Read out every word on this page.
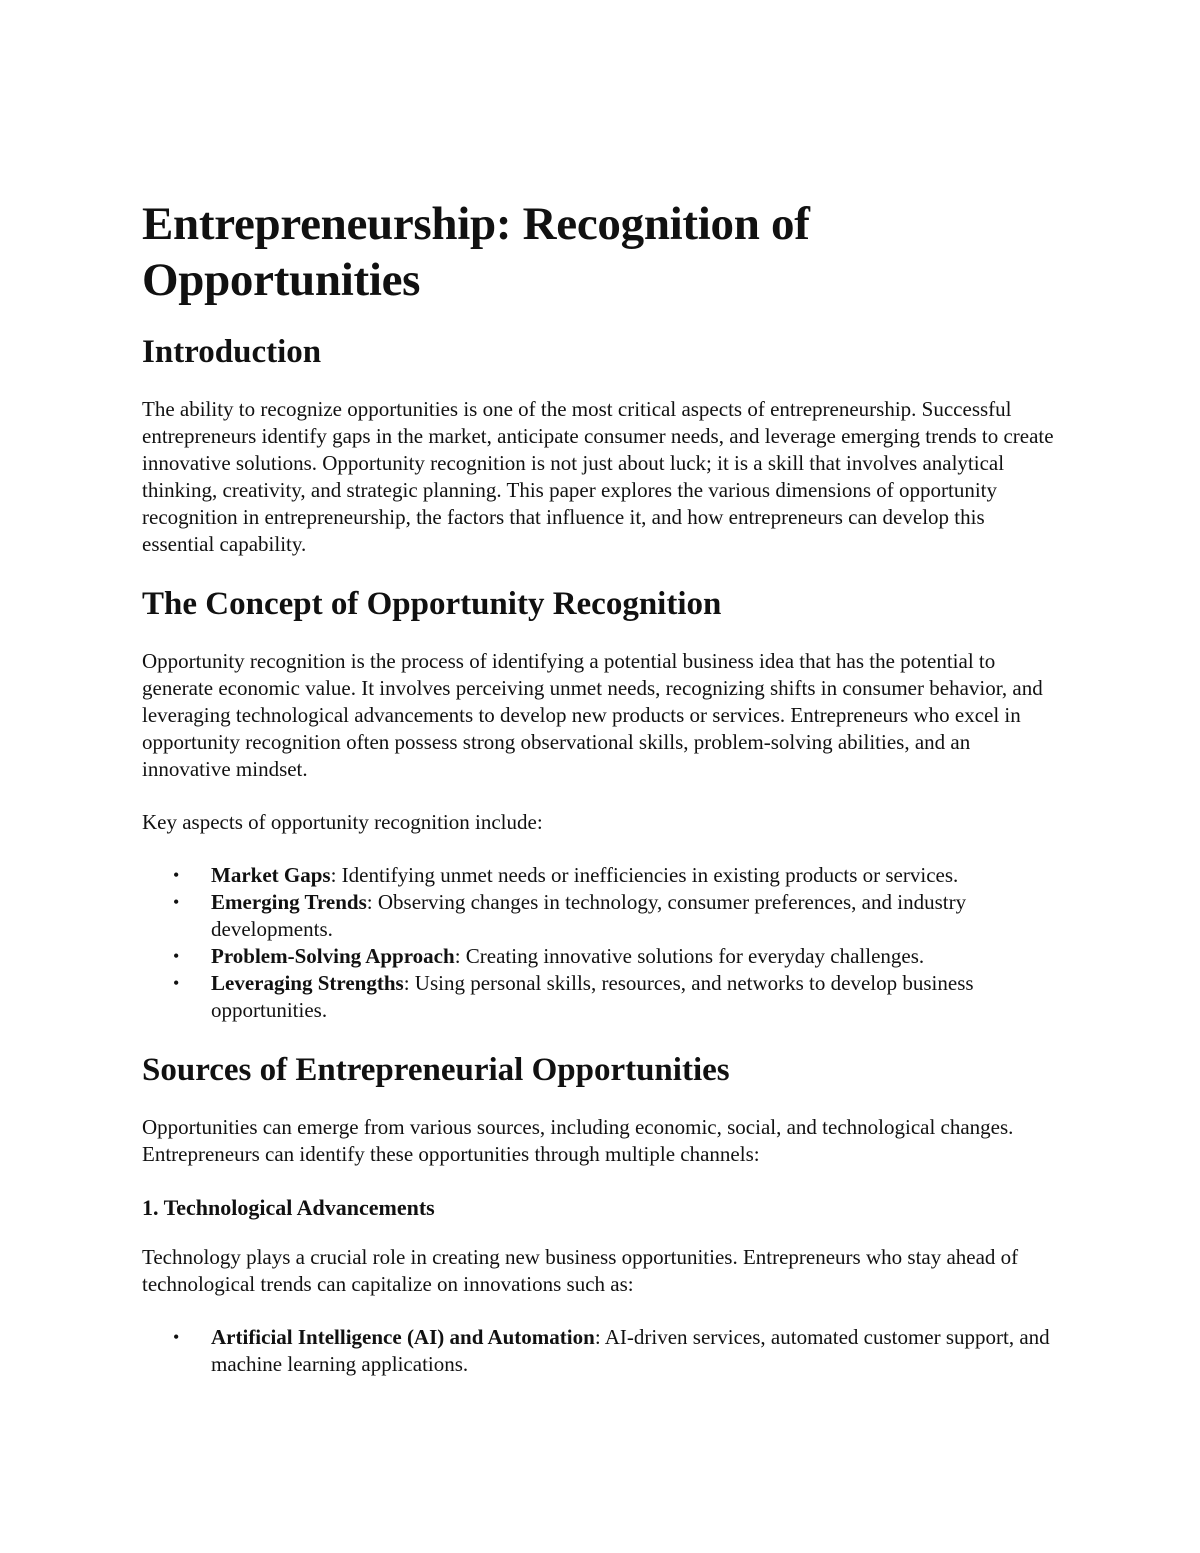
Entrepreneurship: Recognition of Opportunities
Introduction

The ability to recognize opportunities is one of the most critical aspects of entrepreneurship. Successful entrepreneurs identify gaps in the market, anticipate consumer needs, and leverage emerging trends to create innovative solutions. Opportunity recognition is not just about luck; it is a skill that involves analytical thinking, creativity, and strategic planning. This paper explores the various dimensions of opportunity recognition in entrepreneurship, the factors that influence it, and how entrepreneurs can develop this essential capability.

The Concept of Opportunity Recognition

Opportunity recognition is the process of identifying a potential business idea that has the potential to generate economic value. It involves perceiving unmet needs, recognizing shifts in consumer behavior, and leveraging technological advancements to develop new products or services. Entrepreneurs who excel in opportunity recognition often possess strong observational skills, problem-solving abilities, and an innovative mindset.

Key aspects of opportunity recognition include:

• Market Gaps: Identifying unmet needs or inefficiencies in existing products or services.
• Emerging Trends: Observing changes in technology, consumer preferences, and industry developments.
• Problem-Solving Approach: Creating innovative solutions for everyday challenges.
• Leveraging Strengths: Using personal skills, resources, and networks to develop business opportunities.
Sources of Entrepreneurial Opportunities

Opportunities can emerge from various sources, including economic, social, and technological changes. Entrepreneurs can identify these opportunities through multiple channels:

1. Technological Advancements

Technology plays a crucial role in creating new business opportunities. Entrepreneurs who stay ahead of technological trends can capitalize on innovations such as:

• Artificial Intelligence (AI) and Automation: AI-driven services, automated customer support, and machine learning applications.
